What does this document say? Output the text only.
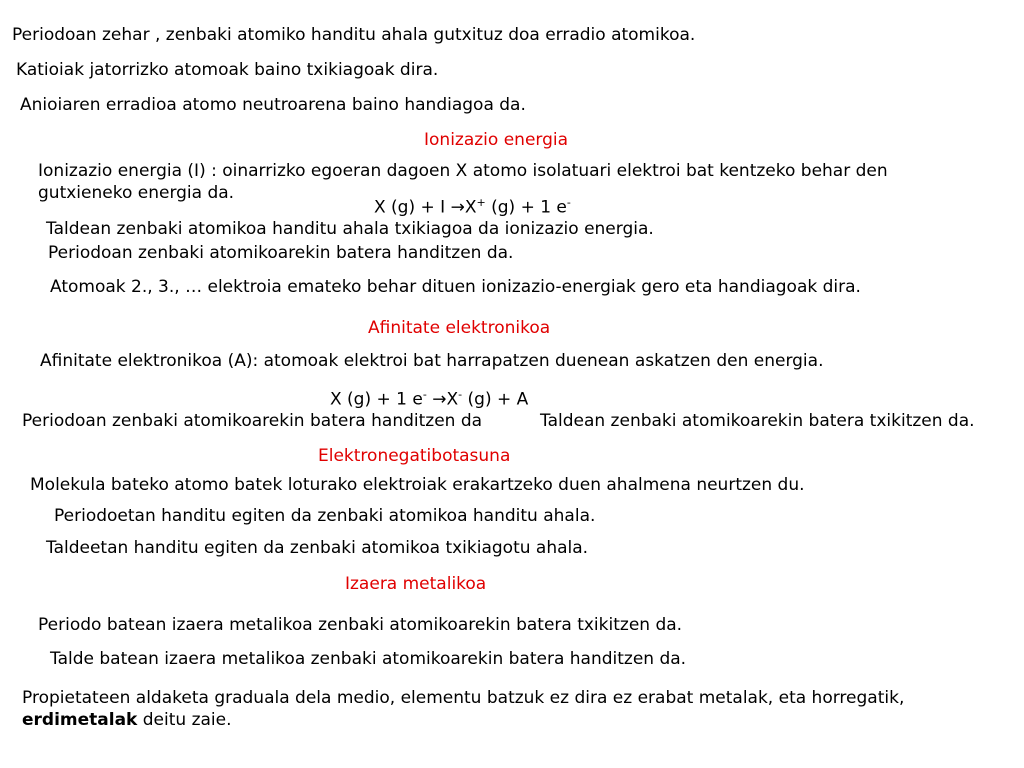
Periodoan zehar , zenbaki atomiko handitu ahala gutxituz doa erradio atomikoa.
Katioiak jatorrizko atomoak baino txikiagoak dira.
Anioiaren erradioa atomo neutroarena baino handiagoa da.
Ionizazio energia
Ionizazio energia (I) : oinarrizko egoeran dagoen X atomo isolatuari elektroi bat kentzeko behar den
gutxieneko energia da.
X (g) + I →X+ (g) + 1 e-
Taldean zenbaki atomikoa handitu ahala txikiagoa da ionizazio energia.
Periodoan zenbaki atomikoarekin batera handitzen da.
Atomoak 2., 3., … elektroia emateko behar dituen ionizazio-energiak gero eta handiagoak dira.
Afinitate elektronikoa
Afinitate elektronikoa (A): atomoak elektroi bat harrapatzen duenean askatzen den energia.
X (g) + 1 e- →X- (g) + A
Periodoan zenbaki atomikoarekin batera handitzen da	Taldean zenbaki atomikoarekin batera txikitzen da.
Elektronegatibotasuna
Molekula bateko atomo batek loturako elektroiak erakartzeko duen ahalmena neurtzen du.
Periodoetan handitu egiten da zenbaki atomikoa handitu ahala.
Taldeetan handitu egiten da zenbaki atomikoa txikiagotu ahala.
Izaera metalikoa
Periodo batean izaera metalikoa zenbaki atomikoarekin batera txikitzen da.
Talde batean izaera metalikoa zenbaki atomikoarekin batera handitzen da.
Propietateen aldaketa graduala dela medio, elementu batzuk ez dira ez erabat metalak, eta horregatik,
erdimetalak deitu zaie.
